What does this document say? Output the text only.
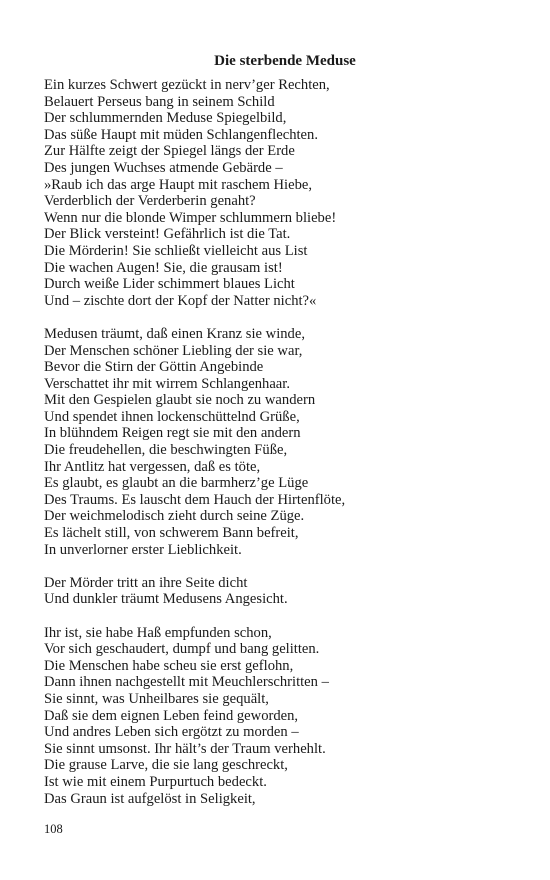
Die sterbende Meduse
Ein kurzes Schwert gezückt in nerv’ger Rechten,
Belauert Perseus bang in seinem Schild
Der schlummernden Meduse Spiegelbild,
Das süße Haupt mit müden Schlangenflechten.
Zur Hälfte zeigt der Spiegel längs der Erde
Des jungen Wuchses atmende Gebärde –
»Raub ich das arge Haupt mit raschem Hiebe,
Verderblich der Verderberin genaht?
Wenn nur die blonde Wimper schlummern bliebe!
Der Blick versteint! Gefährlich ist die Tat.
Die Mörderin! Sie schließt vielleicht aus List
Die wachen Augen! Sie, die grausam ist!
Durch weiße Lider schimmert blaues Licht
Und – zischte dort der Kopf der Natter nicht?«
Medusen träumt, daß einen Kranz sie winde,
Der Menschen schöner Liebling der sie war,
Bevor die Stirn der Göttin Angebinde
Verschattet ihr mit wirrem Schlangenhaar.
Mit den Gespielen glaubt sie noch zu wandern
Und spendet ihnen lockenschüttelnd Grüße,
In blühndem Reigen regt sie mit den andern
Die freudehellen, die beschwingten Füße,
Ihr Antlitz hat vergessen, daß es töte,
Es glaubt, es glaubt an die barmherz’ge Lüge
Des Traums. Es lauscht dem Hauch der Hirtenflöte,
Der weichmelodisch zieht durch seine Züge.
Es lächelt still, von schwerem Bann befreit,
In unverlorner erster Lieblichkeit.
Der Mörder tritt an ihre Seite dicht
Und dunkler träumt Medusens Angesicht.
Ihr ist, sie habe Haß empfunden schon,
Vor sich geschaudert, dumpf und bang gelitten.
Die Menschen habe scheu sie erst geflohn,
Dann ihnen nachgestellt mit Meuchlerschritten –
Sie sinnt, was Unheilbares sie gequält,
Daß sie dem eignen Leben feind geworden,
Und andres Leben sich ergötzt zu morden –
Sie sinnt umsonst. Ihr hält’s der Traum verhehlt.
Die grause Larve, die sie lang geschreckt,
Ist wie mit einem Purpurtuch bedeckt.
Das Graun ist aufgelöst in Seligkeit,
108
